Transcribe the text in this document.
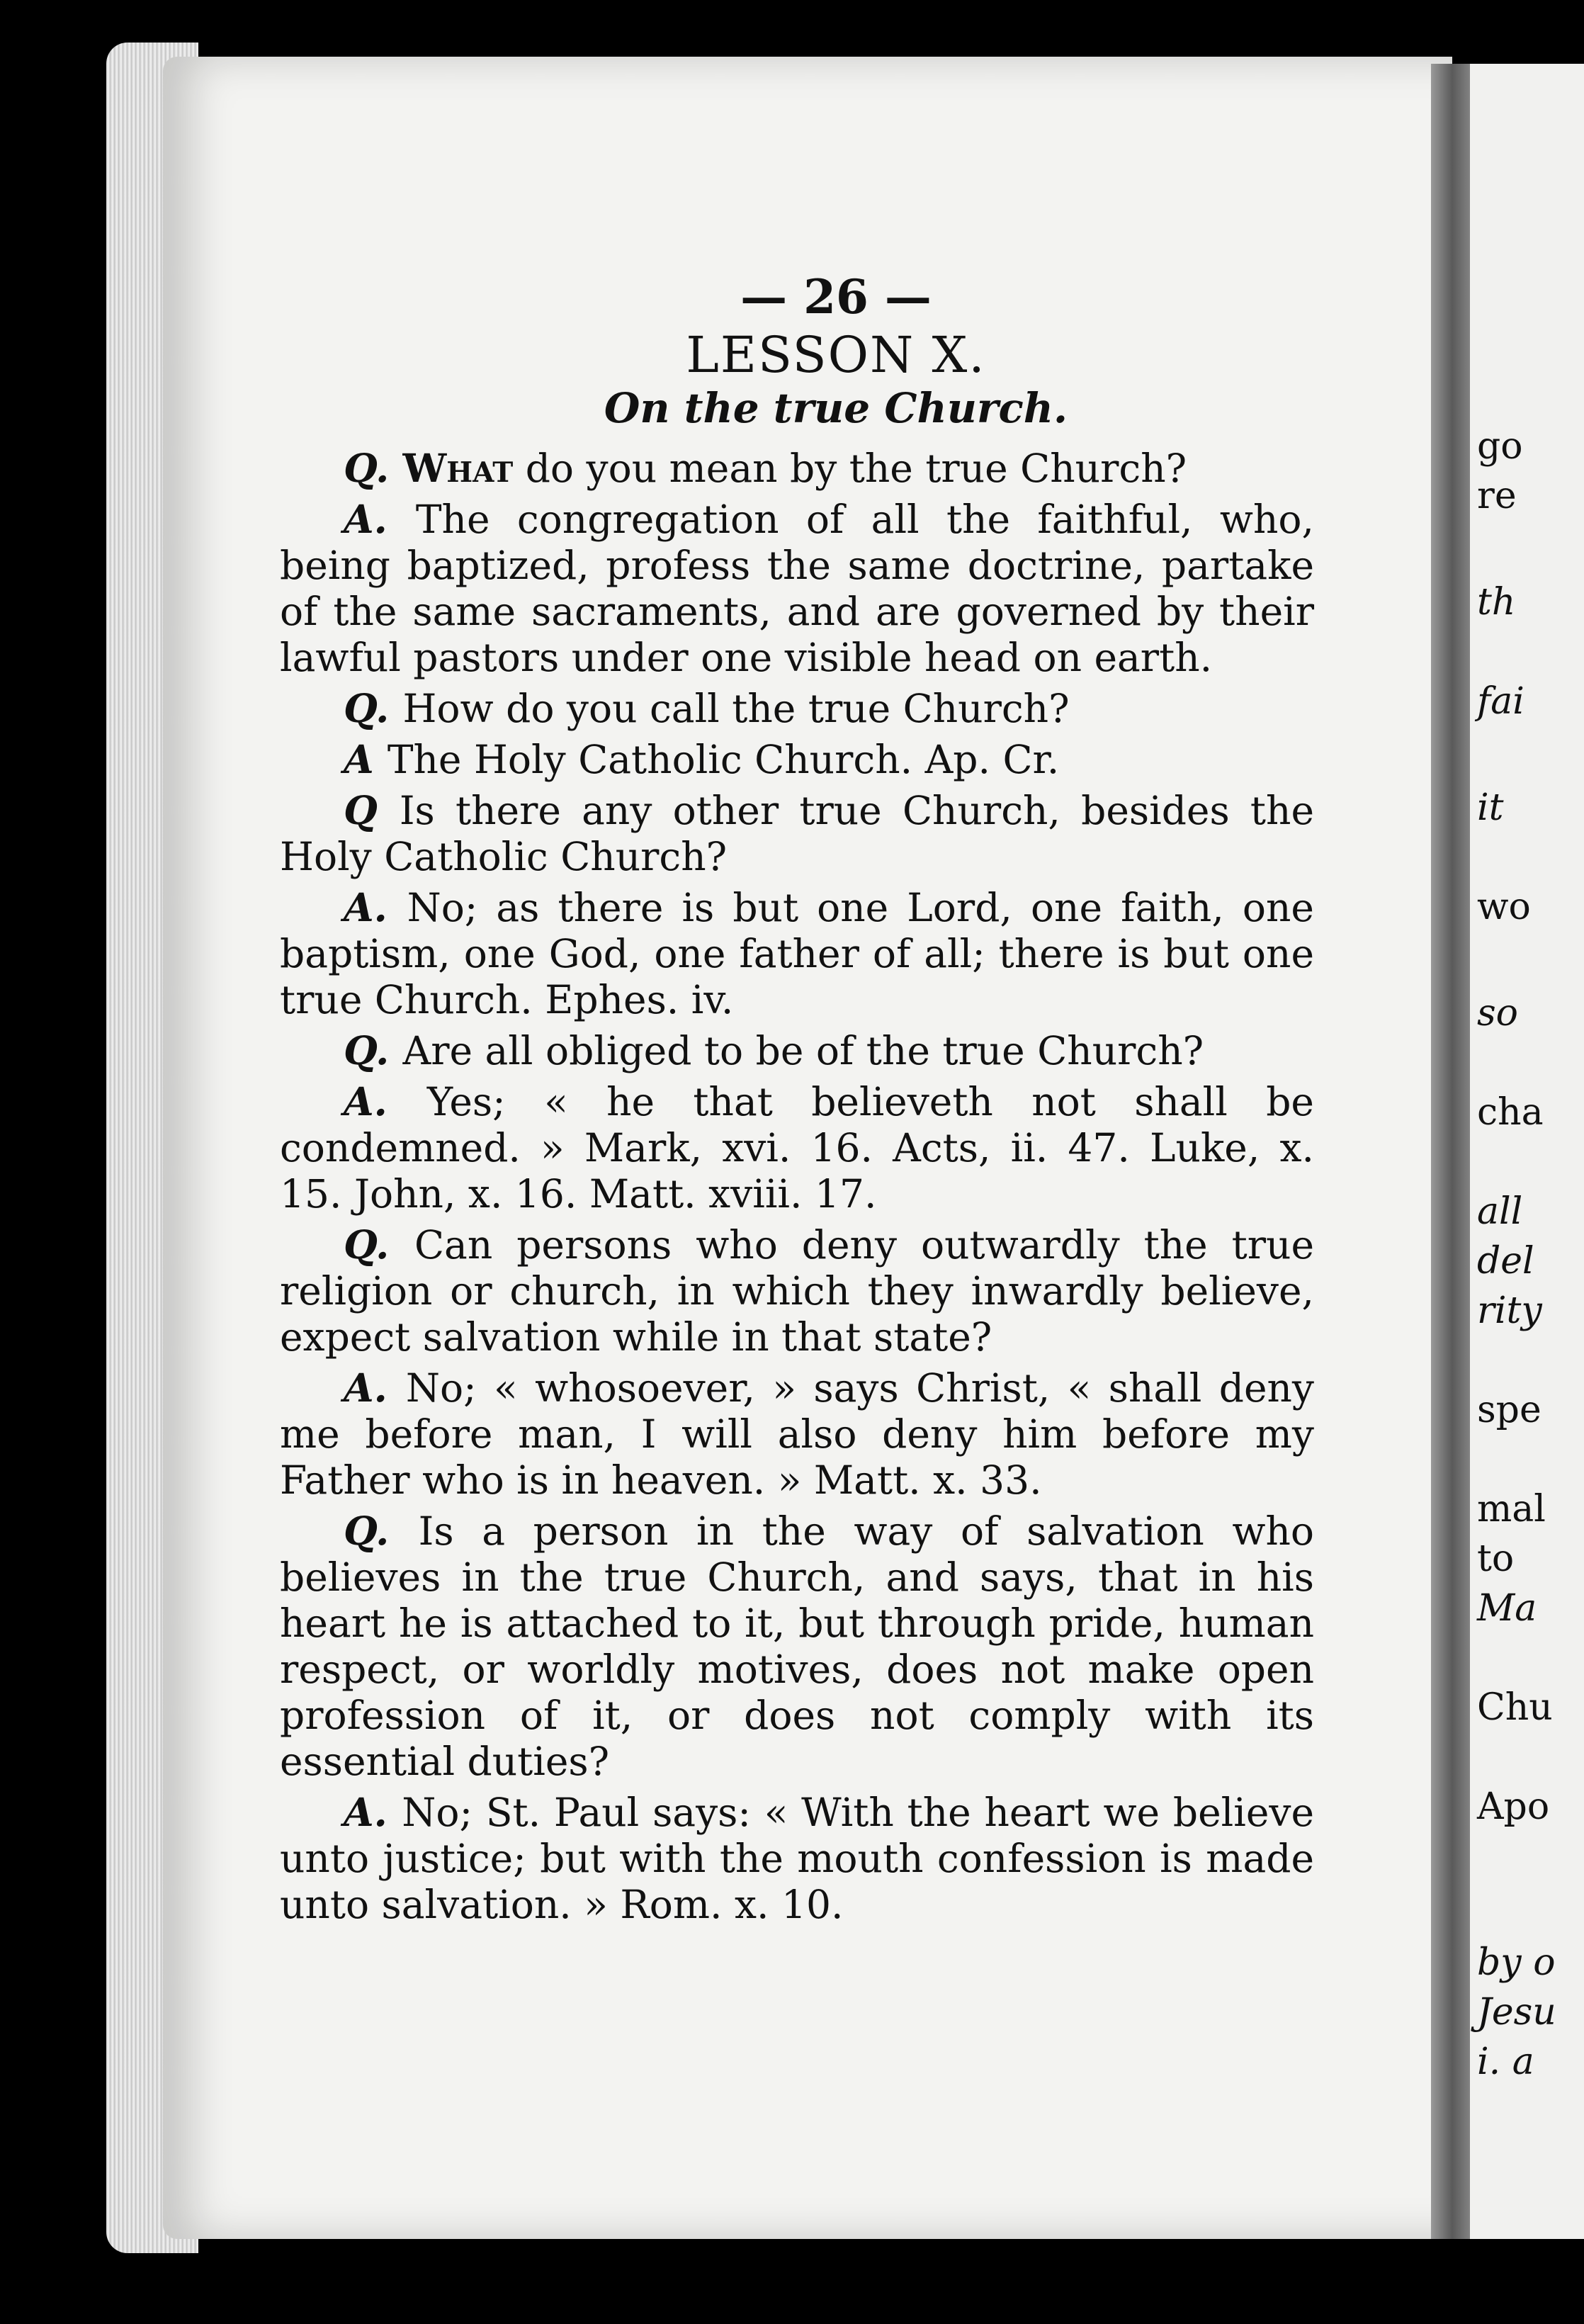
— 26 —
LESSON X.
On the true Church.

Q. What do you mean by the true Church?

A. The congregation of all the faithful, who, being baptized, profess the same doctrine, partake of the same sacraments, and are governed by their lawful pastors under one visible head on earth.

Q. How do you call the true Church?

A The Holy Catholic Church. Ap. Cr.

Q Is there any other true Church, besides the Holy Catholic Church?

A. No; as there is but one Lord, one faith, one baptism, one God, one father of all; there is but one true Church. Ephes. iv.

Q. Are all obliged to be of the true Church?

A. Yes; « he that believeth not shall be condemned. » Mark, xvi. 16. Acts, ii. 47. Luke, x. 15. John, x. 16. Matt. xviii. 17.

Q. Can persons who deny outwardly the true religion or church, in which they inwardly believe, expect salvation while in that state?

A. No; « whosoever, » says Christ, « shall deny me before man, I will also deny him before my Father who is in heaven. » Matt. x. 33.

Q. Is a person in the way of salvation who believes in the true Church, and says, that in his heart he is attached to it, but through pride, human respect, or worldly motives, does not make open profession of it, or does not comply with its essential duties?

A. No; St. Paul says: « With the heart we believe unto justice; but with the mouth confession is made unto salvation. » Rom. x. 10.

go
re
th
fai
it
wo
so
cha
all
del
rity
spe
mal
to
Ma
Chu
Apo
by o
Jesu
i. a
